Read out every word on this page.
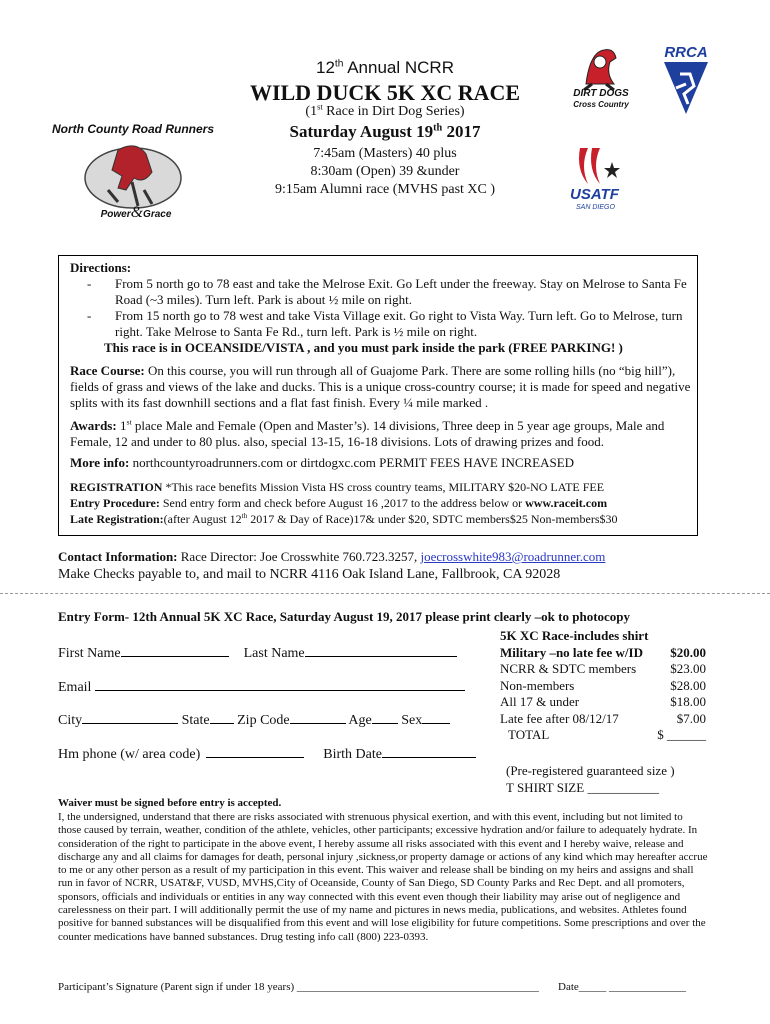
12th Annual NCRR
WILD DUCK 5K XC RACE
(1st Race in Dirt Dog Series)
Saturday August 19th 2017
7:45am (Masters) 40 plus
8:30am (Open) 39 &under
9:15am Alumni race (MVHS past XC )
North County Road Runners
Power&Grace
DIRT DOGS
Cross Country
RRCA
USATF
SAN DIEGO
Directions:
- From 5 north go to 78 east and take the Melrose Exit. Go Left under the freeway. Stay on Melrose to Santa Fe Road (~3 miles). Turn left. Park is about ½ mile on right.
- From 15 north go to 78 west and take Vista Village exit. Go right to Vista Way. Turn left. Go to Melrose, turn right. Take Melrose to Santa Fe Rd., turn left. Park is ½ mile on right.
This race is in OCEANSIDE/VISTA , and you must park inside the park (FREE PARKING! )
Race Course: On this course, you will run through all of Guajome Park. There are some rolling hills (no “big hill”), fields of grass and views of the lake and ducks. This is a unique cross-country course; it is made for speed and negative splits with its fast downhill sections and a flat fast finish. Every ¼ mile marked .
Awards: 1st place Male and Female (Open and Master’s). 14 divisions, Three deep in 5 year age groups, Male and Female, 12 and under to 80 plus. also, special 13-15, 16-18 divisions. Lots of drawing prizes and food.
More info: northcountyroadrunners.com or dirtdogxc.com PERMIT FEES HAVE INCREASED
REGISTRATION *This race benefits Mission Vista HS cross country teams, MILITARY $20-NO LATE FEE
Entry Procedure: Send entry form and check before August 16 ,2017 to the address below or www.raceit.com
Late Registration:(after August 12th 2017 & Day of Race)17& under $20, SDTC members$25 Non-members$30
Contact Information: Race Director: Joe Crosswhite 760.723.3257, joecrosswhite983@roadrunner.com
Make Checks payable to, and mail to NCRR 4116 Oak Island Lane, Fallbrook, CA 92028
Entry Form- 12th Annual 5K XC Race, Saturday August 19, 2017 please print clearly –ok to photocopy
First Name	Last Name
Email
City	State Zip Code	Age Sex
Hm phone (w/ area code)	Birth Date
5K XC Race-includes shirt
Military –no late fee w/ID $20.00
NCRR & SDTC members	$23.00
Non-members	$28.00
All 17 & under	$18.00
Late fee after 08/12/17	$7.00
TOTAL	$ ______
(Pre-registered guaranteed size )
T SHIRT SIZE ___________
Waiver must be signed before entry is accepted.
I, the undersigned, understand that there are risks associated with strenuous physical exertion, and with this event, including but not limited to those caused by terrain, weather, condition of the athlete, vehicles, other participants; excessive hydration and/or failure to adequately hydrate. In consideration of the right to participate in the above event, I hereby assume all risks associated with this event and I hereby waive, release and discharge any and all claims for damages for death, personal injury ,sickness,or property damage or actions of any kind which may hereafter accrue to me or any other person as a result of my participation in this event. This waiver and release shall be binding on my heirs and assigns and shall run in favor of NCRR, USAT&F, VUSD, MVHS,City of Oceanside, County of San Diego, SD County Parks and Rec Dept. and all promoters, sponsors, officials and individuals or entities in any way connected with this event even though their liability may arise out of negligence and carelessness on their part. I will additionally permit the use of my name and pictures in news media, publications, and websites. Athletes found positive for banned substances will be disqualified from this event and will lose eligibility for future competitions. Some prescriptions and over the counter medications have banned substances. Drug testing info call (800) 223-0393.
Participant’s Signature (Parent sign if under 18 years) ____________________________________________ Date_____ ______________
